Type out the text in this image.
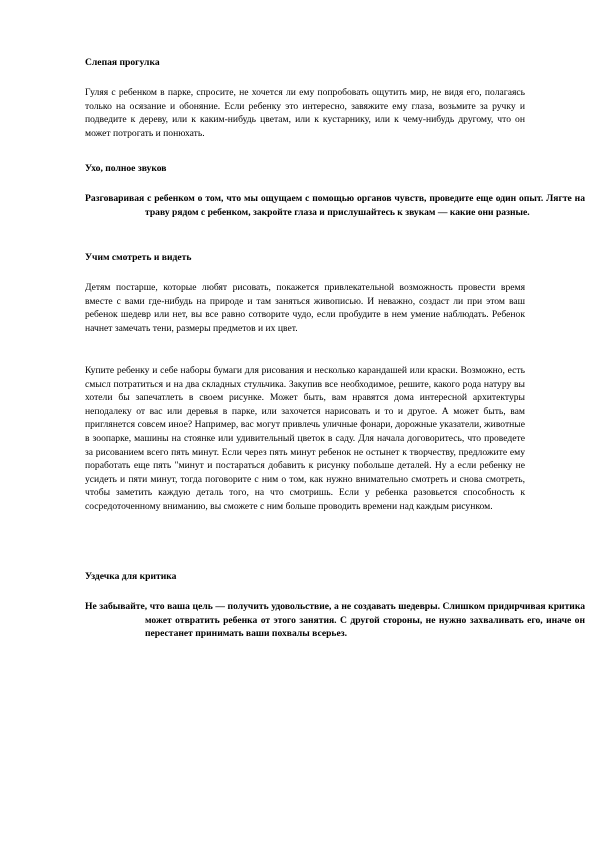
Слепая прогулка

Гуляя с ребенком в парке, спросите, не хочется ли ему попробовать ощутить мир, не видя его, полагаясь только на осязание и обоняние. Если ребенку это интересно, завяжите ему глаза, возьмите за ручку и подведите к дереву, или к каким-нибудь цветам, или к кустарнику, или к чему-нибудь другому, что он может потрогать и понюхать.

Ухо, полное звуков

Разговаривая с ребенком о том, что мы ощущаем с помощью органов чувств, проведите еще один опыт. Лягте на траву рядом с ребенком, закройте глаза и прислушайтесь к звукам — какие они разные.

Учим смотреть и видеть

Детям постарше, которые любят рисовать, покажется привлекательной возможность провести время вместе с вами где-нибудь на природе и там заняться живописью. И неважно, создаст ли при этом ваш ребенок шедевр или нет, вы все равно сотворите чудо, если пробудите в нем умение наблюдать. Ребенок начнет замечать тени, размеры предметов и их цвет.

Купите ребенку и себе наборы бумаги для рисования и несколько карандашей или краски. Возможно, есть смысл потратиться и на два складных стульчика. Закупив все необходимое, решите, какого рода натуру вы хотели бы запечатлеть в своем рисунке. Может быть, вам нравятся дома интересной архитектуры неподалеку от вас или деревья в парке, или захочется нарисовать и то и другое. А может быть, вам приглянется совсем иное? Например, вас могут привлечь уличные фонари, дорожные указатели, животные в зоопарке, машины на стоянке или удивительный цветок в саду. Для начала договоритесь, что проведете за рисованием всего пять минут. Если через пять минут ребенок не остынет к творчеству, предложите ему поработать еще пять "минут и постараться добавить к рисунку побольше деталей. Ну а если ребенку не усидеть и пяти минут, тогда поговорите с ним о том, как нужно внимательно смотреть и снова смотреть, чтобы заметить каждую деталь того, на что смотришь. Если у ребенка разовьется способность к сосредоточенному вниманию, вы сможете с ним больше проводить времени над каждым рисунком.

Уздечка для критика

Не забывайте, что ваша цель — получить удовольствие, а не создавать шедевры. Слишком придирчивая критика может отвратить ребенка от этого занятия. С другой стороны, не нужно захваливать его, иначе он перестанет принимать ваши похвалы всерьез.
